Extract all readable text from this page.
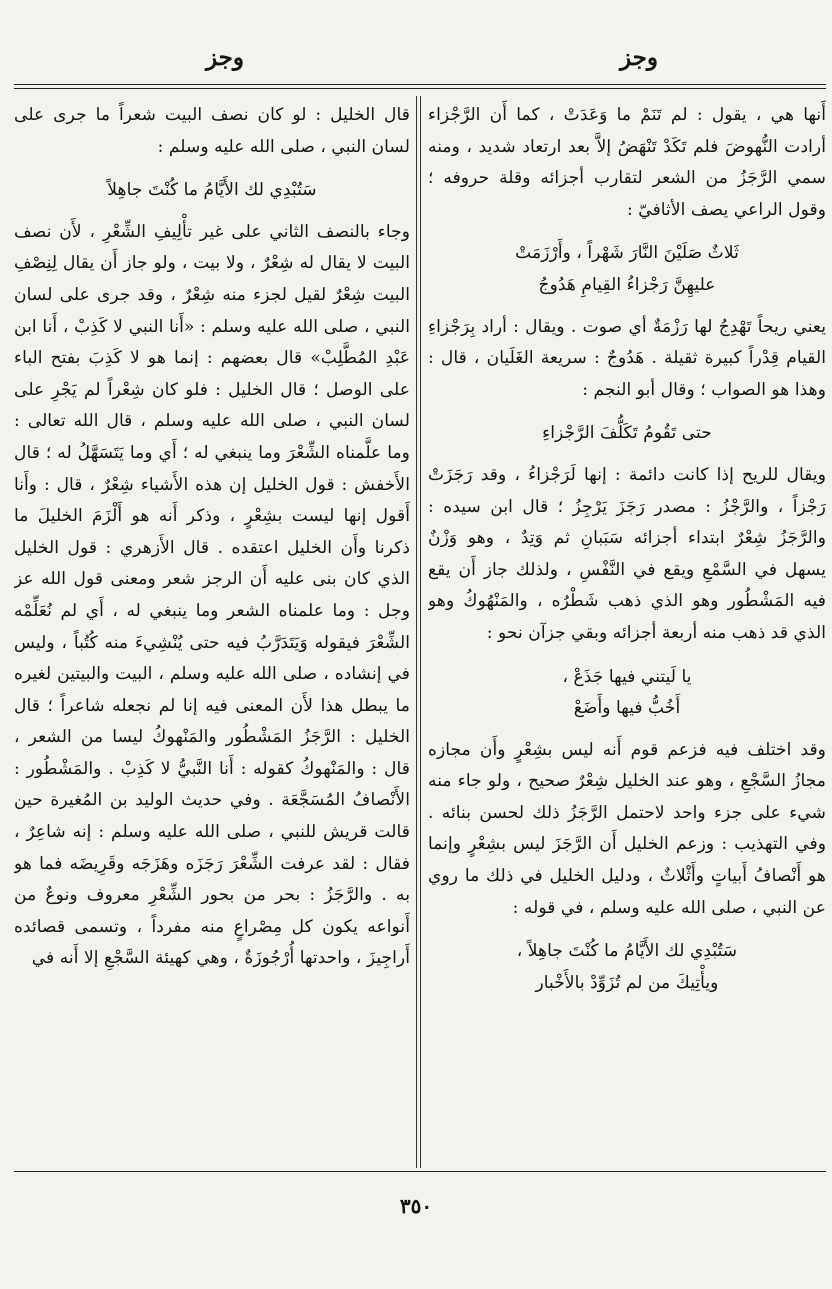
وجز
وجز

أَنها هي ، يقول : لم تَنَمْ ما وَعَدَتْ ، كما أَن الرَّجْزاء أرادت النُّهوضَ فلم تَكَدْ تَنْهَضُ إلاَّ بعد ارتعاد شديد ، ومنه سمي الرَّجَزُ من الشعر لتقارب أجزائه وقلة حروفه ؛ وقول الراعي يصف الأثافيّ :

ثَلاثٌ صَلَيْنَ النَّارَ شَهْراً ، وأَرْزَمَتْ
عليهِنَّ رَجْزاءُ القِيامِ هَدُوجُ

يعني ريحاً تَهْدِجُ لها رَزْمَةٌ أي صوت . ويقال : أراد بِرَجْزاءِ القيام قِدْراً كبيرة ثقيلة . هَدُوجٌ : سريعة الغَلَيان ، قال : وهذا هو الصواب ؛ وقال أبو النجم :

حتى تَقُومُ تَكَلُّفَ الرَّجْزاءِ

ويقال للريح إذا كانت دائمة : إنها لَرَجْزاءُ ، وقد رَجَزَتْ رَجْزاً ، والرَّجْزُ : مصدر رَجَزَ يَرْجِزُ ؛ قال ابن سيده : والرَّجَزُ شِعْرٌ ابتداء أجزائه سَبَبانِ ثم وَتِدٌ ، وهو وَزْنٌ يسهل في السَّمْعِ ويقع في النَّفْسِ ، ولذلك جاز أَن يقع فيه المَشْطُور وهو الذي ذهب شَطْرُه ، والمَنْهُوكُ وهو الذي قد ذهب منه أربعة أجزائه وبقي جزآن نحو :

يا لَيتني فيها جَذَعْ ،
أَخُبُّ فيها وأَضَعْ

وقد اختلف فيه فزعم قوم أَنه ليس بشِعْرٍ وأَن مجازه مجازُ السَّجْعِ ، وهو عند الخليل شِعْرٌ صحيح ، ولو جاء منه شيء على جزء واحد لاحتمل الرَّجَزُ ذلك لحسن بنائه . وفي التهذيب : وزعم الخليل أَن الرَّجَزَ ليس بشِعْرٍ وإنما هو أَنْصافُ أَبياتٍ وأَثْلاثٌ ، ودليل الخليل في ذلك ما روي عن النبي ، صلى الله عليه وسلم ، في قوله :

سَتُبْدِي لك الأَيَّامُ ما كُنْتَ جاهِلاً ،
ويأْتِيكَ من لم تُزَوِّدْ بالأَخْبار

قال الخليل : لو كان نصف البيت شعراً ما جرى على لسان النبي ، صلى الله عليه وسلم :

سَتُبْدِي لك الأَيَّامُ ما كُنْتَ جاهِلاً

وجاء بالنصف الثاني على غير تأْلِيفِ الشِّعْرِ ، لأَن نصف البيت لا يقال له شِعْرٌ ، ولا بيت ، ولو جاز أَن يقال لِنِصْفِ البيت شِعْرٌ لقيل لجزء منه شِعْرٌ ، وقد جرى على لسان النبي ، صلى الله عليه وسلم : «أَنا النبي لا كَذِبْ ، أَنا ابن عَبْدِ المُطَّلِبْ» قال بعضهم : إنما هو لا كَذِبَ بفتح الباء على الوصل ؛ قال الخليل : فلو كان شِعْراً لم يَجْرِ على لسان النبي ، صلى الله عليه وسلم ، قال الله تعالى : وما علَّمناه الشِّعْرَ وما ينبغي له ؛ أَي وما يَتَسَهَّلُ له ؛ قال الأَخفش : قول الخليل إن هذه الأَشياء شِعْرٌ ، قال : وأَنا أَقول إنها ليست بشِعْرٍ ، وذكر أَنه هو أَلْزَمَ الخليلَ ما ذكرنا وأَن الخليل اعتقده . قال الأَزهري : قول الخليل الذي كان بنى عليه أَن الرجز شعر ومعنى قول الله عز وجل : وما علمناه الشعر وما ينبغي له ، أَي لم نُعَلِّمْه الشِّعْرَ فيقوله وَيَتَدَرَّبُ فيه حتى يُنْشِيءَ منه كُتُباً ، وليس في إنشاده ، صلى الله عليه وسلم ، البيت والبيتين لغيره ما يبطل هذا لأَن المعنى فيه إنا لم نجعله شاعراً ؛ قال الخليل : الرَّجَزُ المَشْطُور والمَنْهوكُ ليسا من الشعر ، قال : والمَنْهوكُ كقوله : أَنا النَّبيُّ لا كَذِبْ . والمَشْطُور : الأَنْصافُ المُسَجَّعَة . وفي حديث الوليد بن المُغيرة حين قالت قريش للنبي ، صلى الله عليه وسلم : إنه شاعِرٌ ، فقال : لقد عرفت الشِّعْرَ رَجَزَه وهَزَجَه وقَرِيضَه فما هو به . والرَّجَزُ : بحر من بحور الشِّعْرِ معروف ونوعٌ من أَنواعه يكون كل مِصْراعٍ منه مفرداً ، وتسمى قصائده أَراجِيزَ ، واحدتها أُرْجُوزَةٌ ، وهي كهيئة السَّجْعِ إلا أَنه في

٣٥٠
